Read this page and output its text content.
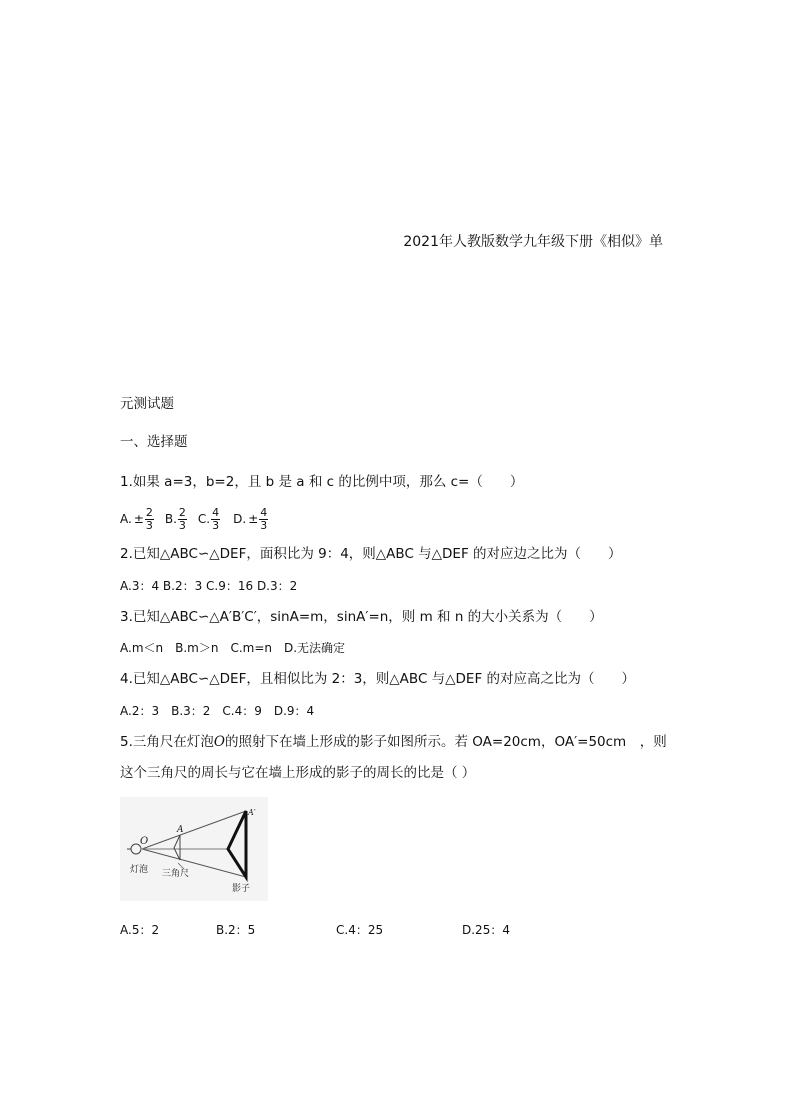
2021年人教版数学九年级下册《相似》单
元测试题
一、选择题
1.如果 a=3，b=2，且 b 是 a 和 c 的比例中项，那么 c=（　　）
A. ± $\frac{2}{3} B$. $\frac{2}{3} C$. $\frac{4}{3} D$. ± $\frac{4}{3}$
2.已知△ABC∽△DEF，面积比为 9：4，则△ABC 与△DEF 的对应边之比为（　　）
A.3：4 B.2：3 C.9：16 D.3：2
3.已知△ABC∽△A′B′C′，sinA=m，sinA′=n，则 m 和 n 的大小关系为（　　）
A.m＜n　B.m＞n　C.m=n　D.无法确定
4.已知△ABC∽△DEF，且相似比为 2：3，则△ABC 与△DEF 的对应高之比为（　　）
A.2：3　B.3：2　C.4：9　D.9：4
5.三角尺在灯泡O的照射下在墙上形成的影子如图所示。若 OA=20cm，OA′=50cm　，则
这个三角尺的周长与它在墙上形成的影子的周长的比是（ ）
O
A
A′
灯泡 三角尺
影子
A.5：2	B.2：5	C.4：25	D.25：4
